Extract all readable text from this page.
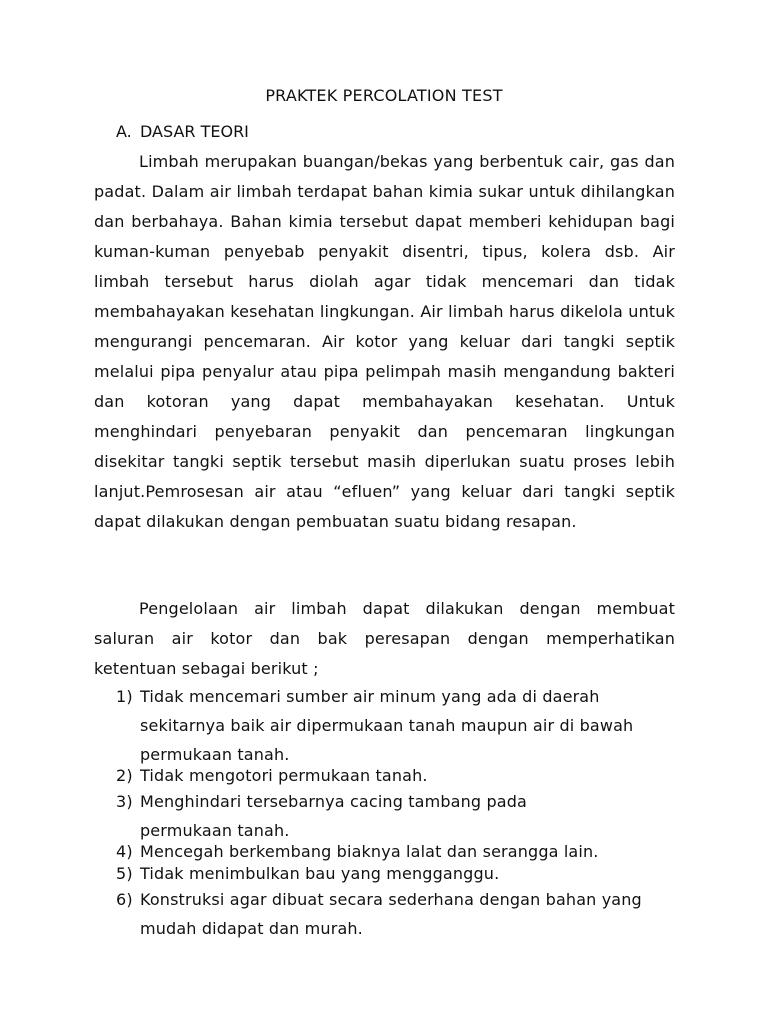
PRAKTEK PERCOLATION TEST
A. DASAR TEORI
Limbah merupakan buangan/bekas yang berbentuk cair, gas dan padat. Dalam air limbah terdapat bahan kimia sukar untuk dihilangkan dan berbahaya. Bahan kimia tersebut dapat memberi kehidupan bagi kuman-kuman penyebab penyakit disentri, tipus, kolera dsb. Air limbah tersebut harus diolah agar tidak mencemari dan tidak membahayakan kesehatan lingkungan. Air limbah harus dikelola untuk mengurangi pencemaran. Air kotor yang keluar dari tangki septik melalui pipa penyalur atau pipa pelimpah masih mengandung bakteri dan kotoran yang dapat membahayakan kesehatan. Untuk menghindari penyebaran penyakit dan pencemaran lingkungan disekitar tangki septik tersebut masih diperlukan suatu proses lebih lanjut.Pemrosesan air atau “efluen” yang keluar dari tangki septik dapat dilakukan dengan pembuatan suatu bidang resapan.
Pengelolaan air limbah dapat dilakukan dengan membuat saluran air kotor dan bak peresapan dengan memperhatikan ketentuan sebagai berikut ;
1) Tidak mencemari sumber air minum yang ada di daerah sekitarnya baik air dipermukaan tanah maupun air di bawah permukaan tanah.
2) Tidak mengotori permukaan tanah.
3) Menghindari tersebarnya cacing tambang pada permukaan tanah.
4) Mencegah berkembang biaknya lalat dan serangga lain.
5) Tidak menimbulkan bau yang mengganggu.
6) Konstruksi agar dibuat secara sederhana dengan bahan yang mudah didapat dan murah.
